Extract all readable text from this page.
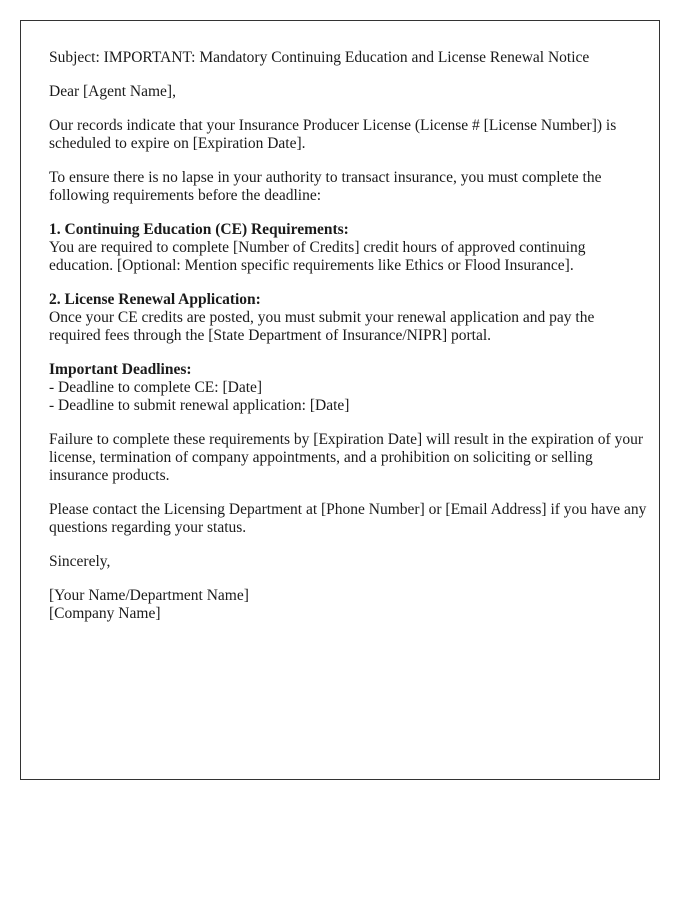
Subject: IMPORTANT: Mandatory Continuing Education and License Renewal Notice

Dear [Agent Name],

Our records indicate that your Insurance Producer License (License # [License Number]) is scheduled to expire on [Expiration Date].

To ensure there is no lapse in your authority to transact insurance, you must complete the following requirements before the deadline:

1. Continuing Education (CE) Requirements:
You are required to complete [Number of Credits] credit hours of approved continuing education. [Optional: Mention specific requirements like Ethics or Flood Insurance].
2. License Renewal Application:
Once your CE credits are posted, you must submit your renewal application and pay the required fees through the [State Department of Insurance/NIPR] portal.
Important Deadlines:
- Deadline to complete CE: [Date]
- Deadline to submit renewal application: [Date]

Failure to complete these requirements by [Expiration Date] will result in the expiration of your license, termination of company appointments, and a prohibition on soliciting or selling insurance products.

Please contact the Licensing Department at [Phone Number] or [Email Address] if you have any questions regarding your status.

Sincerely,

[Your Name/Department Name]
[Company Name]
